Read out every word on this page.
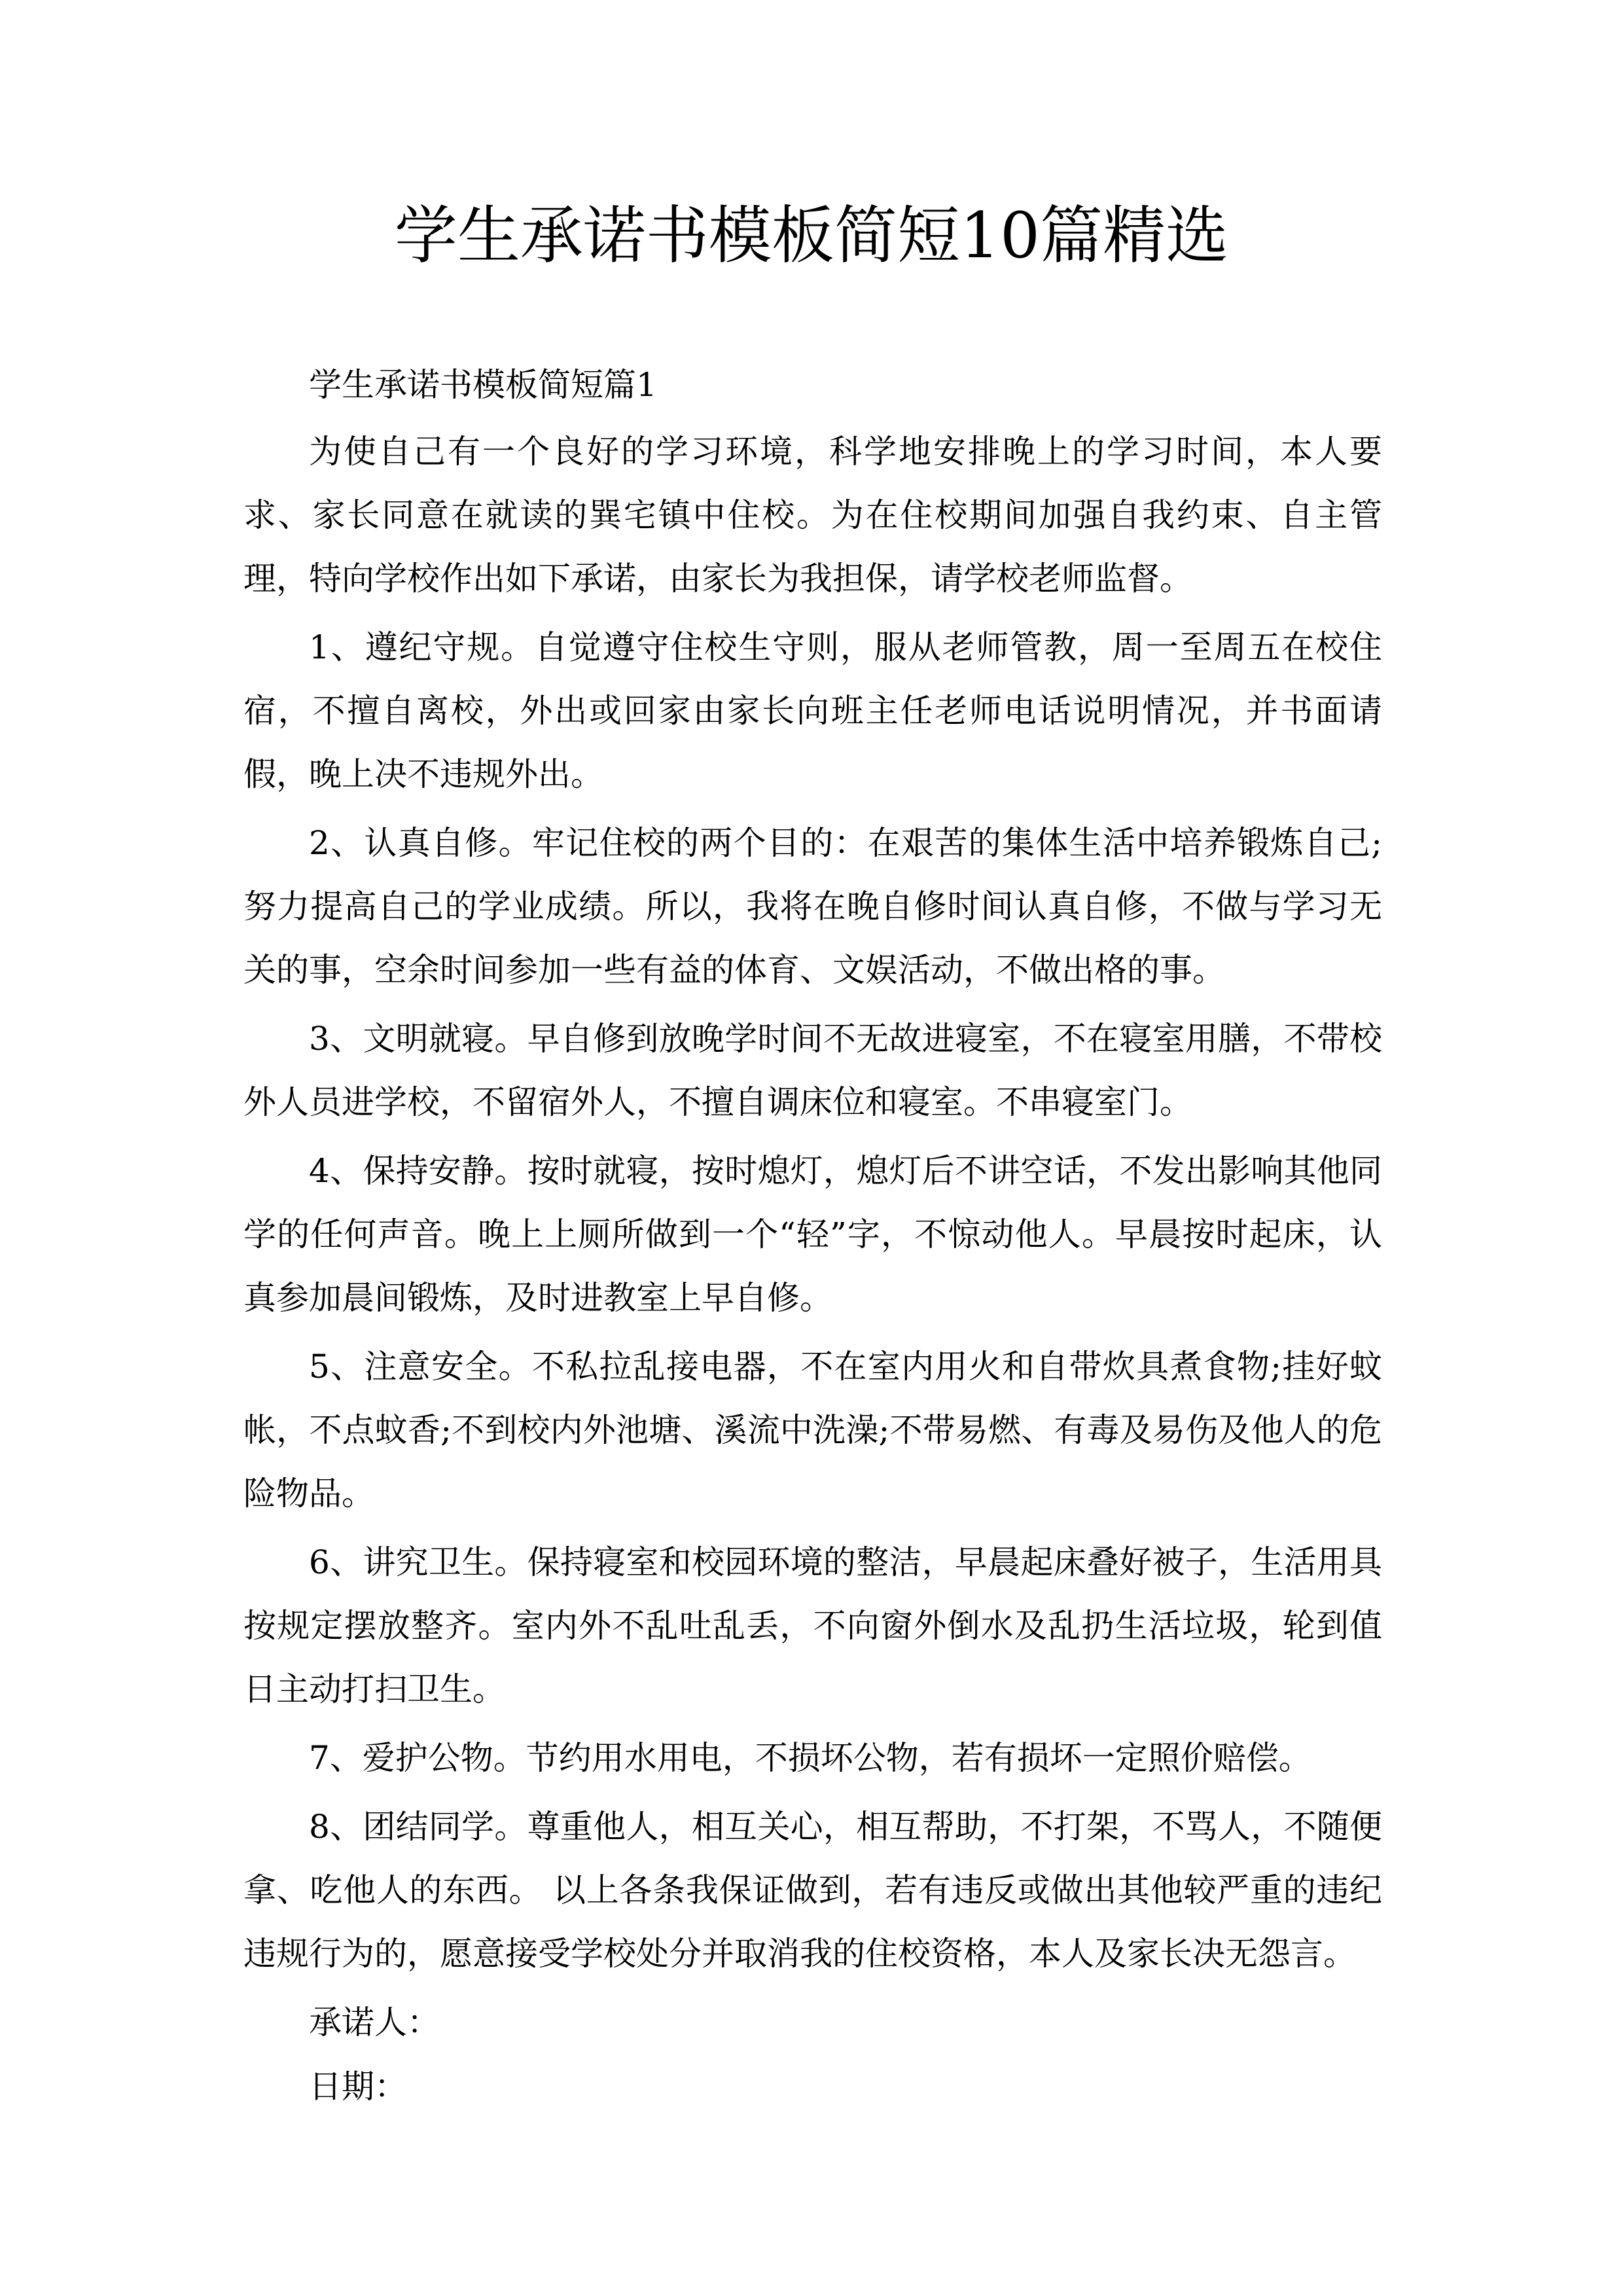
学生承诺书模板简短10篇精选

学生承诺书模板简短篇1

为使自己有一个良好的学习环境，科学地安排晚上的学习时间，本人要求、家长同意在就读的巽宅镇中住校。为在住校期间加强自我约束、自主管理，特向学校作出如下承诺，由家长为我担保，请学校老师监督。

1、遵纪守规。自觉遵守住校生守则，服从老师管教，周一至周五在校住宿，不擅自离校，外出或回家由家长向班主任老师电话说明情况，并书面请假，晚上决不违规外出。

2、认真自修。牢记住校的两个目的：在艰苦的集体生活中培养锻炼自己;努力提高自己的学业成绩。所以，我将在晚自修时间认真自修，不做与学习无关的事，空余时间参加一些有益的体育、文娱活动，不做出格的事。

3、文明就寝。早自修到放晚学时间不无故进寝室，不在寝室用膳，不带校外人员进学校，不留宿外人，不擅自调床位和寝室。不串寝室门。

4、保持安静。按时就寝，按时熄灯，熄灯后不讲空话，不发出影响其他同学的任何声音。晚上上厕所做到一个“轻”字，不惊动他人。早晨按时起床，认真参加晨间锻炼，及时进教室上早自修。

5、注意安全。不私拉乱接电器，不在室内用火和自带炊具煮食物;挂好蚊帐，不点蚊香;不到校内外池塘、溪流中洗澡;不带易燃、有毒及易伤及他人的危险物品。

6、讲究卫生。保持寝室和校园环境的整洁，早晨起床叠好被子，生活用具按规定摆放整齐。室内外不乱吐乱丢，不向窗外倒水及乱扔生活垃圾，轮到值日主动打扫卫生。

7、爱护公物。节约用水用电，不损坏公物，若有损坏一定照价赔偿。

8、团结同学。尊重他人，相互关心，相互帮助，不打架，不骂人，不随便拿、吃他人的东西。 以上各条我保证做到，若有违反或做出其他较严重的违纪违规行为的，愿意接受学校处分并取消我的住校资格，本人及家长决无怨言。

承诺人：

日期：
